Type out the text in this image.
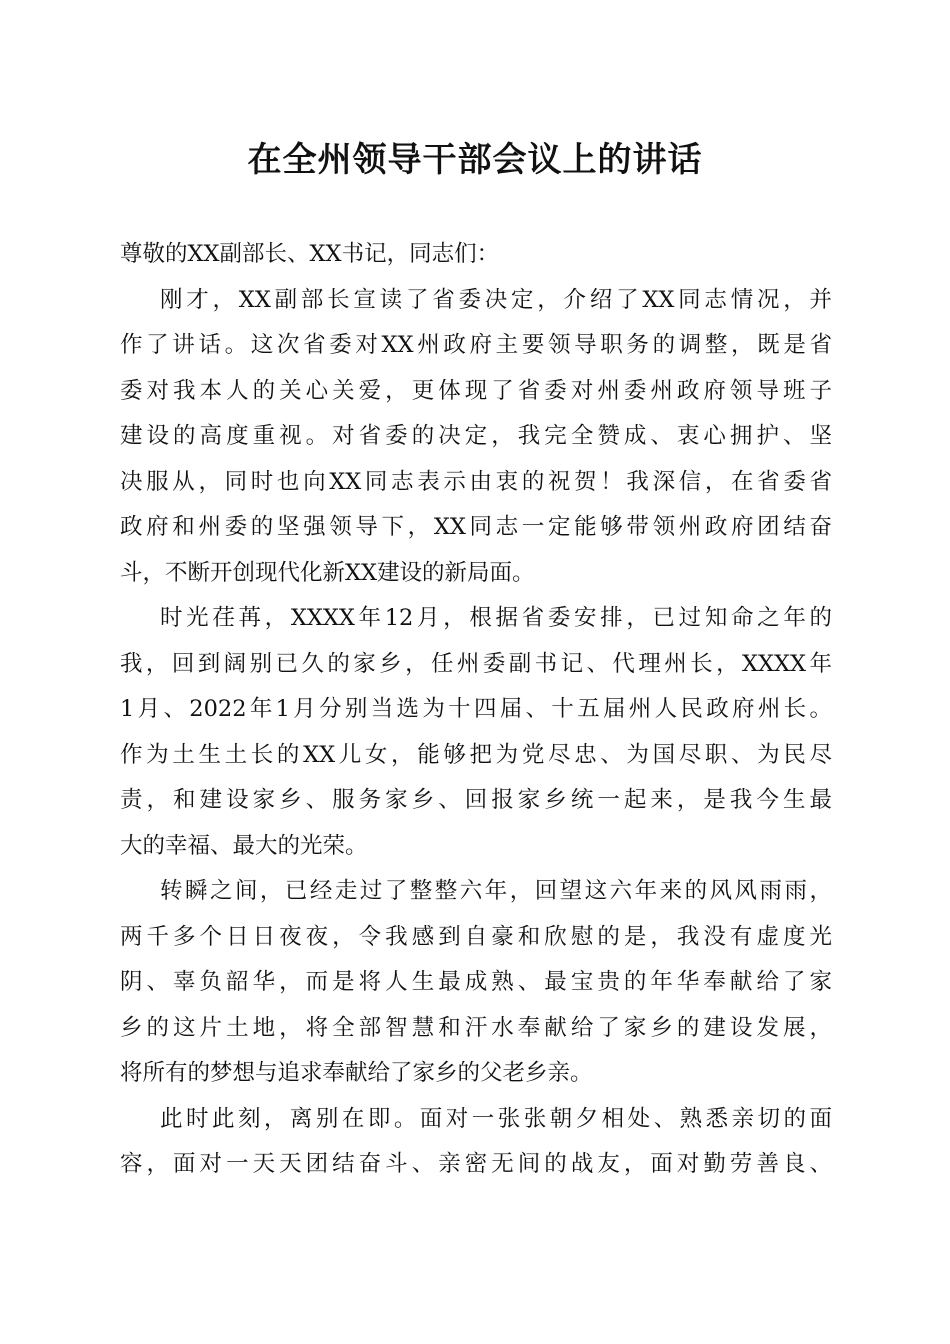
在全州领导干部会议上的讲话
尊敬的XX副部长、XX书记，同志们：
刚才，XX副部长宣读了省委决定，介绍了XX同志情况，并
作了讲话。这次省委对XX州政府主要领导职务的调整，既是省
委对我本人的关心关爱，更体现了省委对州委州政府领导班子
建设的高度重视。对省委的决定，我完全赞成、衷心拥护、坚
决服从，同时也向XX同志表示由衷的祝贺！我深信，在省委省
政府和州委的坚强领导下，XX同志一定能够带领州政府团结奋
斗，不断开创现代化新XX建设的新局面。
时光荏苒，XXXX年12月，根据省委安排，已过知命之年的
我，回到阔别已久的家乡，任州委副书记、代理州长，XXXX年
1月、2022年1月分别当选为十四届、十五届州人民政府州长。
作为土生土长的XX儿女，能够把为党尽忠、为国尽职、为民尽
责，和建设家乡、服务家乡、回报家乡统一起来，是我今生最
大的幸福、最大的光荣。
转瞬之间，已经走过了整整六年，回望这六年来的风风雨雨，
两千多个日日夜夜，令我感到自豪和欣慰的是，我没有虚度光
阴、辜负韶华，而是将人生最成熟、最宝贵的年华奉献给了家
乡的这片土地，将全部智慧和汗水奉献给了家乡的建设发展，
将所有的梦想与追求奉献给了家乡的父老乡亲。
此时此刻，离别在即。面对一张张朝夕相处、熟悉亲切的面
容，面对一天天团结奋斗、亲密无间的战友，面对勤劳善良、
